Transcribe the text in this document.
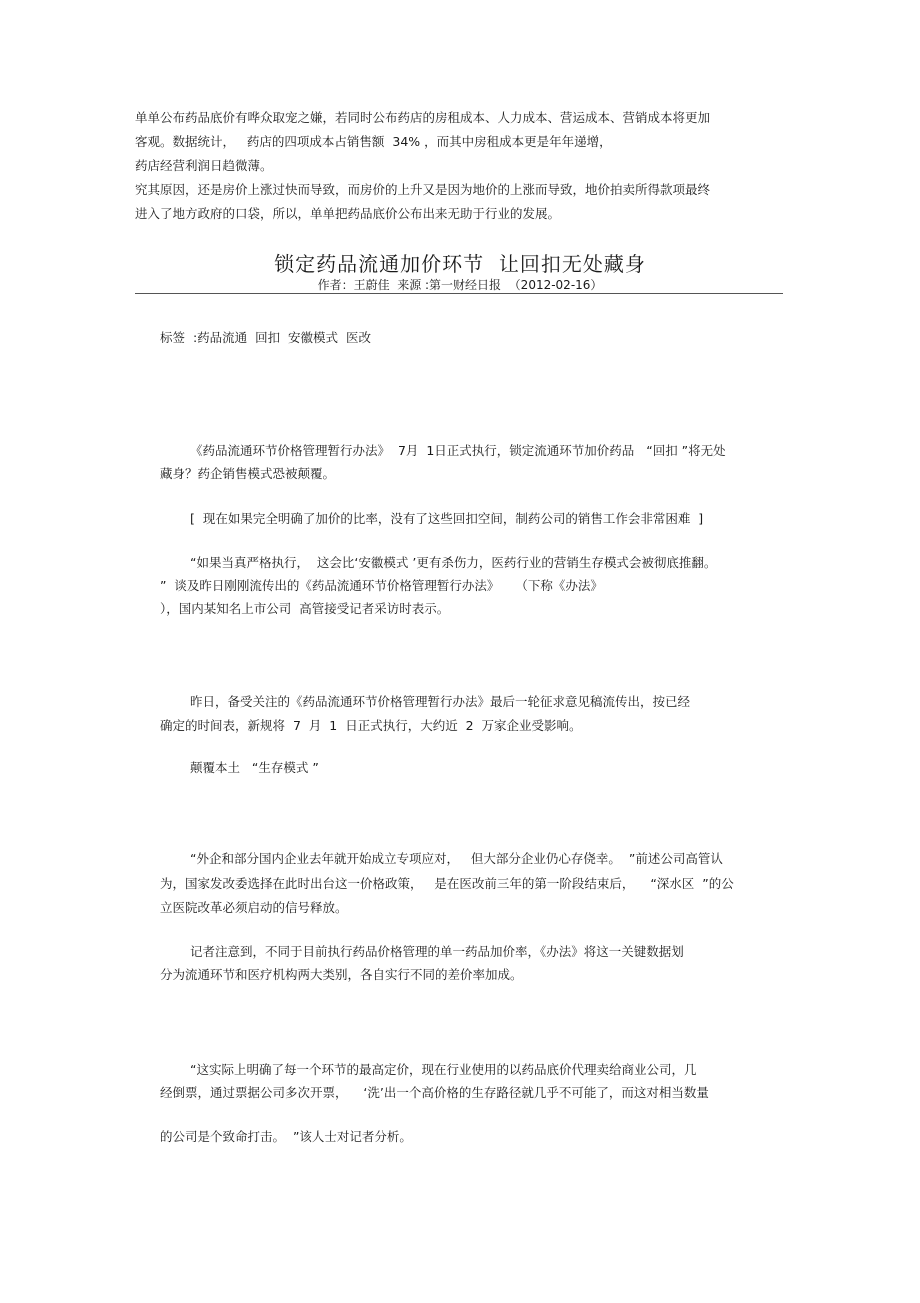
单单公布药品底价有哗众取宠之嫌，若同时公布药店的房租成本、人力成本、营运成本、营销成本将更加
客观。数据统计，   药店的四项成本占销售额  34% ，而其中房租成本更是年年递增，
药店经营利润日趋微薄。
究其原因，还是房价上涨过快而导致，而房价的上升又是因为地价的上涨而导致，地价拍卖所得款项最终
进入了地方政府的口袋，所以，单单把药品底价公布出来无助于行业的发展。
锁定药品流通加价环节  让回扣无处藏身
作者：王蔚佳  来源 :第一财经日报  （2012-02-16）
标签  :药品流通  回扣  安徽模式  医改
《药品流通环节价格管理暂行办法》  7月  1日正式执行，锁定流通环节加价药品   “回扣 ”将无处
藏身？药企销售模式恐被颠覆。
[  现在如果完全明确了加价的比率，没有了这些回扣空间，制药公司的销售工作会非常困难  ]
“如果当真严格执行，  这会比‘安徽模式 ’更有杀伤力，医药行业的营销生存模式会被彻底推翻。
”  谈及昨日刚刚流传出的《药品流通环节价格管理暂行办法》    （下称《办法》
），国内某知名上市公司  高管接受记者采访时表示。
昨日，备受关注的《药品流通环节价格管理暂行办法》最后一轮征求意见稿流传出，按已经
确定的时间表，新规将  7  月  1  日正式执行，大约近  2  万家企业受影响。
颠覆本土   “生存模式 ”
“外企和部分国内企业去年就开始成立专项应对，   但大部分企业仍心存侥幸。  ”前述公司高管认
为，国家发改委选择在此时出台这一价格政策，   是在医改前三年的第一阶段结束后，    “深水区  ”的公
立医院改革必须启动的信号释放。
记者注意到，不同于目前执行药品价格管理的单一药品加价率，《办法》将这一关键数据划
分为流通环节和医疗机构两大类别，各自实行不同的差价率加成。
“这实际上明确了每一个环节的最高定价，现在行业使用的以药品底价代理卖给商业公司，几
经倒票，通过票据公司多次开票，    ‘洗’出一个高价格的生存路径就几乎不可能了，而这对相当数量
的公司是个致命打击。  ”该人士对记者分析。
